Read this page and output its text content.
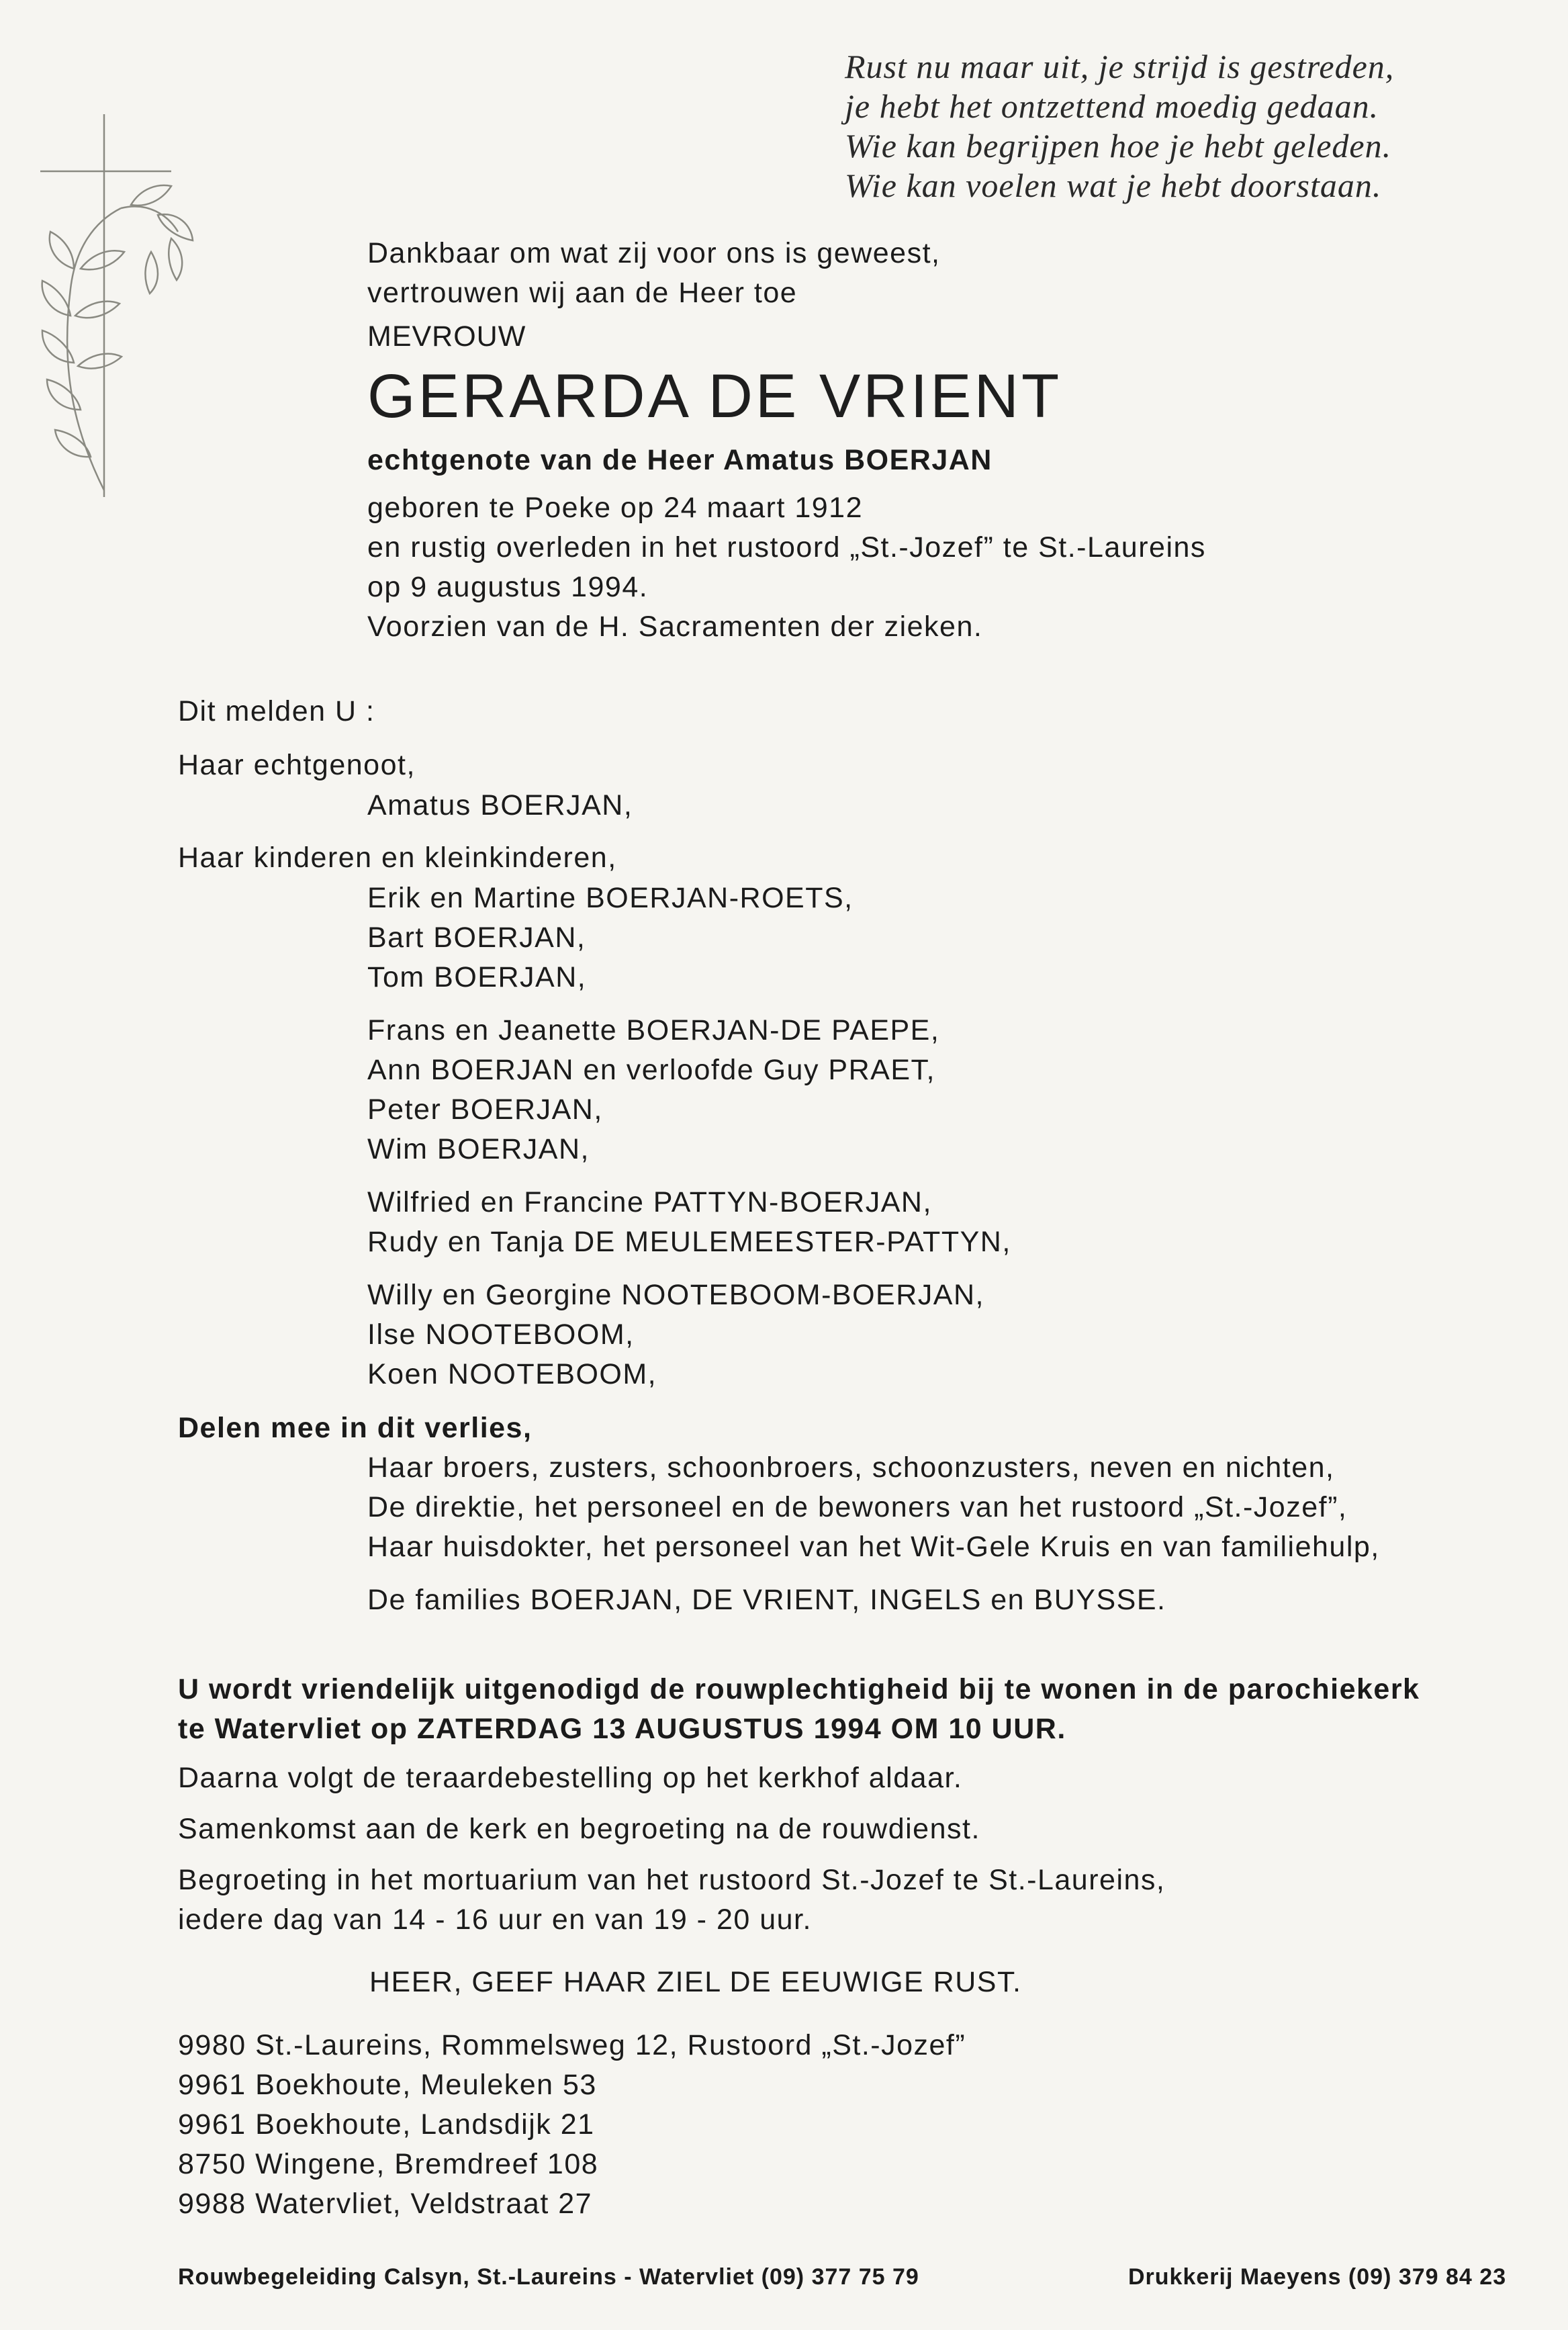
Rust nu maar uit, je strijd is gestreden,
je hebt het ontzettend moedig gedaan.
Wie kan begrijpen hoe je hebt geleden.
Wie kan voelen wat je hebt doorstaan.
Dankbaar om wat zij voor ons is geweest,
vertrouwen wij aan de Heer toe
MEVROUW
GERARDA DE VRIENT
echtgenote van de Heer Amatus BOERJAN
geboren te Poeke op 24 maart 1912
en rustig overleden in het rustoord „St.-Jozef” te St.-Laureins
op 9 augustus 1994.
Voorzien van de H. Sacramenten der zieken.
Dit melden U :
Haar echtgenoot,
Amatus BOERJAN,
Haar kinderen en kleinkinderen,
Erik en Martine BOERJAN-ROETS,
Bart BOERJAN,
Tom BOERJAN,
Frans en Jeanette BOERJAN-DE PAEPE,
Ann BOERJAN en verloofde Guy PRAET,
Peter BOERJAN,
Wim BOERJAN,
Wilfried en Francine PATTYN-BOERJAN,
Rudy en Tanja DE MEULEMEESTER-PATTYN,
Willy en Georgine NOOTEBOOM-BOERJAN,
Ilse NOOTEBOOM,
Koen NOOTEBOOM,
Delen mee in dit verlies,
Haar broers, zusters, schoonbroers, schoonzusters, neven en nichten,
De direktie, het personeel en de bewoners van het rustoord „St.-Jozef”,
Haar huisdokter, het personeel van het Wit-Gele Kruis en van familiehulp,
De families BOERJAN, DE VRIENT, INGELS en BUYSSE.
U wordt vriendelijk uitgenodigd de rouwplechtigheid bij te wonen in de parochiekerk
te Watervliet op ZATERDAG 13 AUGUSTUS 1994 OM 10 UUR.
Daarna volgt de teraardebestelling op het kerkhof aldaar.
Samenkomst aan de kerk en begroeting na de rouwdienst.
Begroeting in het mortuarium van het rustoord St.-Jozef te St.-Laureins,
iedere dag van 14 - 16 uur en van 19 - 20 uur.
HEER, GEEF HAAR ZIEL DE EEUWIGE RUST.
9980 St.-Laureins, Rommelsweg 12, Rustoord „St.-Jozef”
9961 Boekhoute, Meuleken 53
9961 Boekhoute, Landsdijk 21
8750 Wingene, Bremdreef 108
9988 Watervliet, Veldstraat 27
Rouwbegeleiding Calsyn, St.-Laureins - Watervliet (09) 377 75 79	Drukkerij Maeyens (09) 379 84 23
